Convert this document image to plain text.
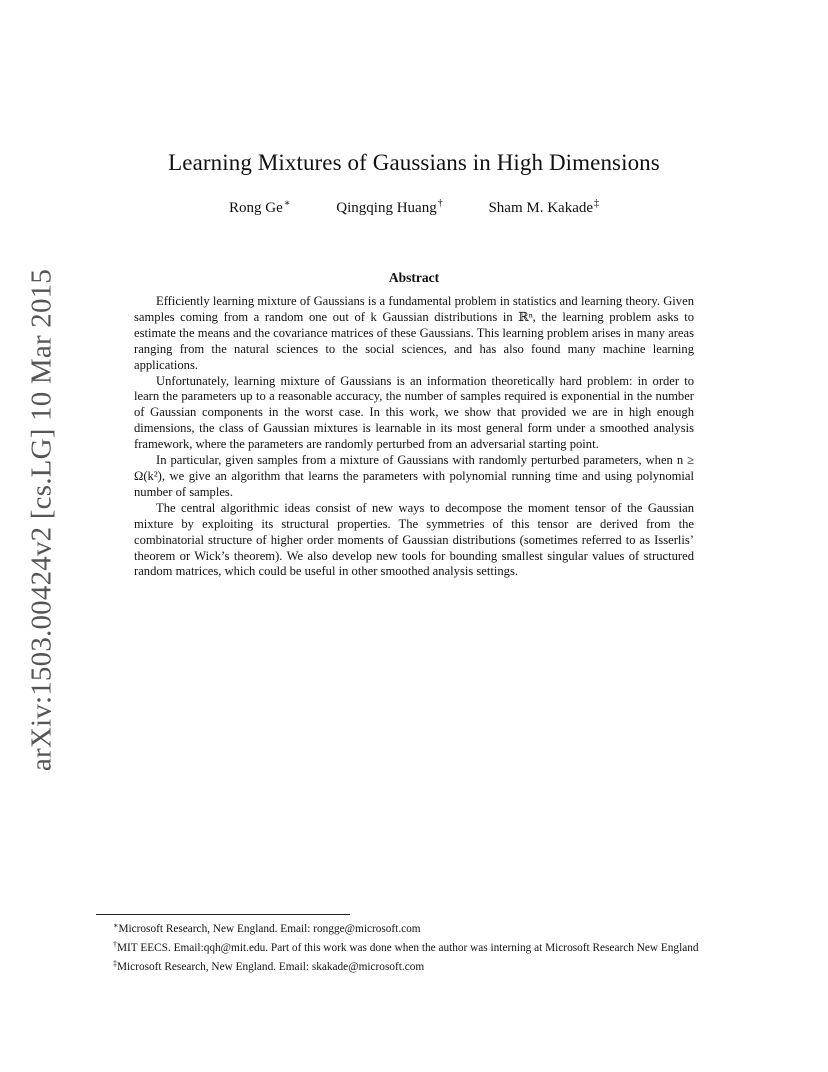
arXiv:1503.00424v2 [cs.LG] 10 Mar 2015
Learning Mixtures of Gaussians in High Dimensions
Rong Ge∗	Qingqing Huang†	Sham M. Kakade‡
Abstract

Efficiently learning mixture of Gaussians is a fundamental problem in statistics and learning theory. Given samples coming from a random one out of k Gaussian distributions in ℝⁿ, the learning problem asks to estimate the means and the covariance matrices of these Gaussians. This learning problem arises in many areas ranging from the natural sciences to the social sciences, and has also found many machine learning applications.

Unfortunately, learning mixture of Gaussians is an information theoretically hard problem: in order to learn the parameters up to a reasonable accuracy, the number of samples required is exponential in the number of Gaussian components in the worst case. In this work, we show that provided we are in high enough dimensions, the class of Gaussian mixtures is learnable in its most general form under a smoothed analysis framework, where the parameters are randomly perturbed from an adversarial starting point.

In particular, given samples from a mixture of Gaussians with randomly perturbed parameters, when n ≥ Ω(k²), we give an algorithm that learns the parameters with polynomial running time and using polynomial number of samples.

The central algorithmic ideas consist of new ways to decompose the moment tensor of the Gaussian mixture by exploiting its structural properties. The symmetries of this tensor are derived from the combinatorial structure of higher order moments of Gaussian distributions (sometimes referred to as Isserlis’ theorem or Wick’s theorem). We also develop new tools for bounding smallest singular values of structured random matrices, which could be useful in other smoothed analysis settings.

∗Microsoft Research, New England. Email: rongge@microsoft.com
†MIT EECS. Email:qqh@mit.edu. Part of this work was done when the author was interning at Microsoft Research New England
‡Microsoft Research, New England. Email: skakade@microsoft.com
